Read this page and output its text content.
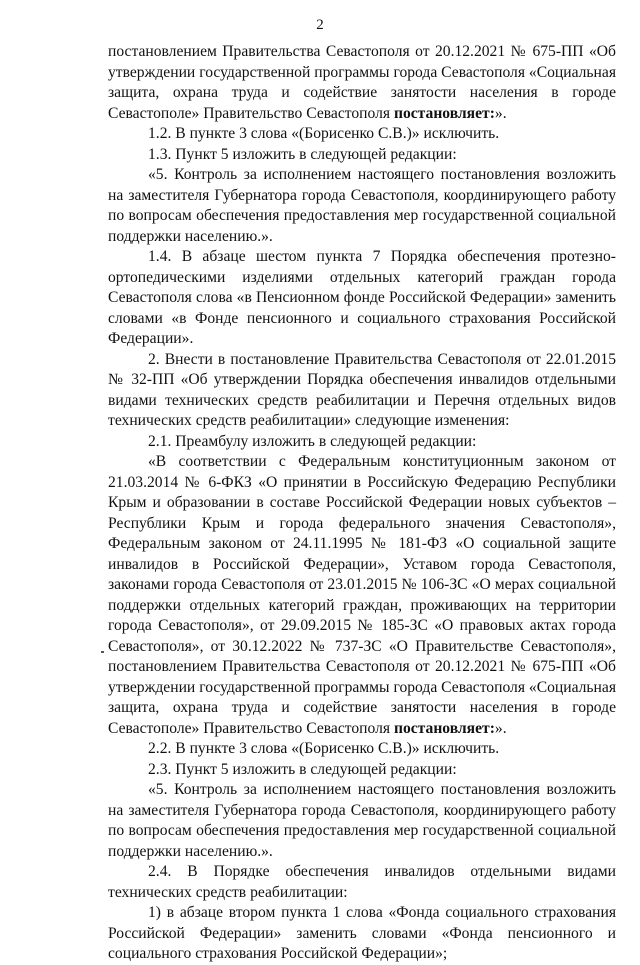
2

постановлением Правительства Севастополя от 20.12.2021 № 675-ПП «Об утверждении государственной программы города Севастополя «Социальная защита, охрана труда и содействие занятости населения в городе Севастополе» Правительство Севастополя постановляет:».

1.2. В пункте 3 слова «(Борисенко С.В.)» исключить.

1.3. Пункт 5 изложить в следующей редакции:

«5. Контроль за исполнением настоящего постановления возложить на заместителя Губернатора города Севастополя, координирующего работу по вопросам обеспечения предоставления мер государственной социальной поддержки населению.».

1.4. В абзаце шестом пункта 7 Порядка обеспечения протезно-ортопедическими изделиями отдельных категорий граждан города Севастополя слова «в Пенсионном фонде Российской Федерации» заменить словами «в Фонде пенсионного и социального страхования Российской Федерации».

2. Внести в постановление Правительства Севастополя от 22.01.2015 № 32-ПП «Об утверждении Порядка обеспечения инвалидов отдельными видами технических средств реабилитации и Перечня отдельных видов технических средств реабилитации» следующие изменения:

2.1. Преамбулу изложить в следующей редакции:

«В соответствии с Федеральным конституционным законом от 21.03.2014 № 6-ФКЗ «О принятии в Российскую Федерацию Республики Крым и образовании в составе Российской Федерации новых субъектов – Республики Крым и города федерального значения Севастополя», Федеральным законом от 24.11.1995 № 181-ФЗ «О социальной защите инвалидов в Российской Федерации», Уставом города Севастополя, законами города Севастополя от 23.01.2015 № 106-ЗС «О мерах социальной поддержки отдельных категорий граждан, проживающих на территории города Севастополя», от 29.09.2015 № 185-ЗС «О правовых актах города Севастополя», от 30.12.2022 № 737-ЗС «О Правительстве Севастополя», постановлением Правительства Севастополя от 20.12.2021 № 675-ПП «Об утверждении государственной программы города Севастополя «Социальная защита, охрана труда и содействие занятости населения в городе Севастополе» Правительство Севастополя постановляет:».

2.2. В пункте 3 слова «(Борисенко С.В.)» исключить.

2.3. Пункт 5 изложить в следующей редакции:

«5. Контроль за исполнением настоящего постановления возложить на заместителя Губернатора города Севастополя, координирующего работу по вопросам обеспечения предоставления мер государственной социальной поддержки населению.».

2.4. В Порядке обеспечения инвалидов отдельными видами технических средств реабилитации:

1) в абзаце втором пункта 1 слова «Фонда социального страхования Российской Федерации» заменить словами «Фонда пенсионного и социального страхования Российской Федерации»;
